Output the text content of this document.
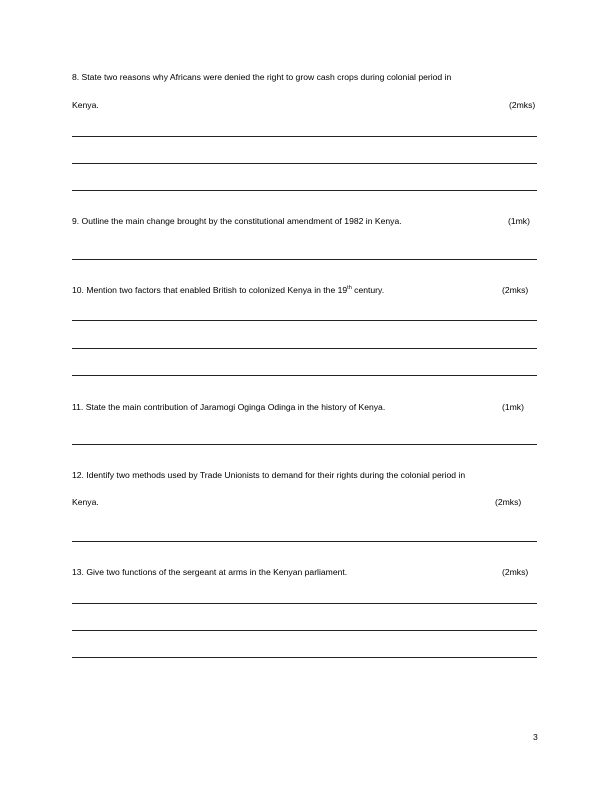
8. State two reasons why Africans were denied the right to grow cash crops during colonial period in
Kenya.	(2mks)
9. Outline the main change brought by the constitutional amendment of 1982 in Kenya.	(1mk)
10. Mention two factors that enabled British to colonized Kenya in the 19th century.	(2mks)
11. State the main contribution of Jaramogi Oginga Odinga in the history of Kenya.	(1mk)
12. Identify two methods used by Trade Unionists to demand for their rights during the colonial period in
Kenya.	(2mks)
13. Give two functions of the sergeant at arms in the Kenyan parliament.	(2mks)
3
